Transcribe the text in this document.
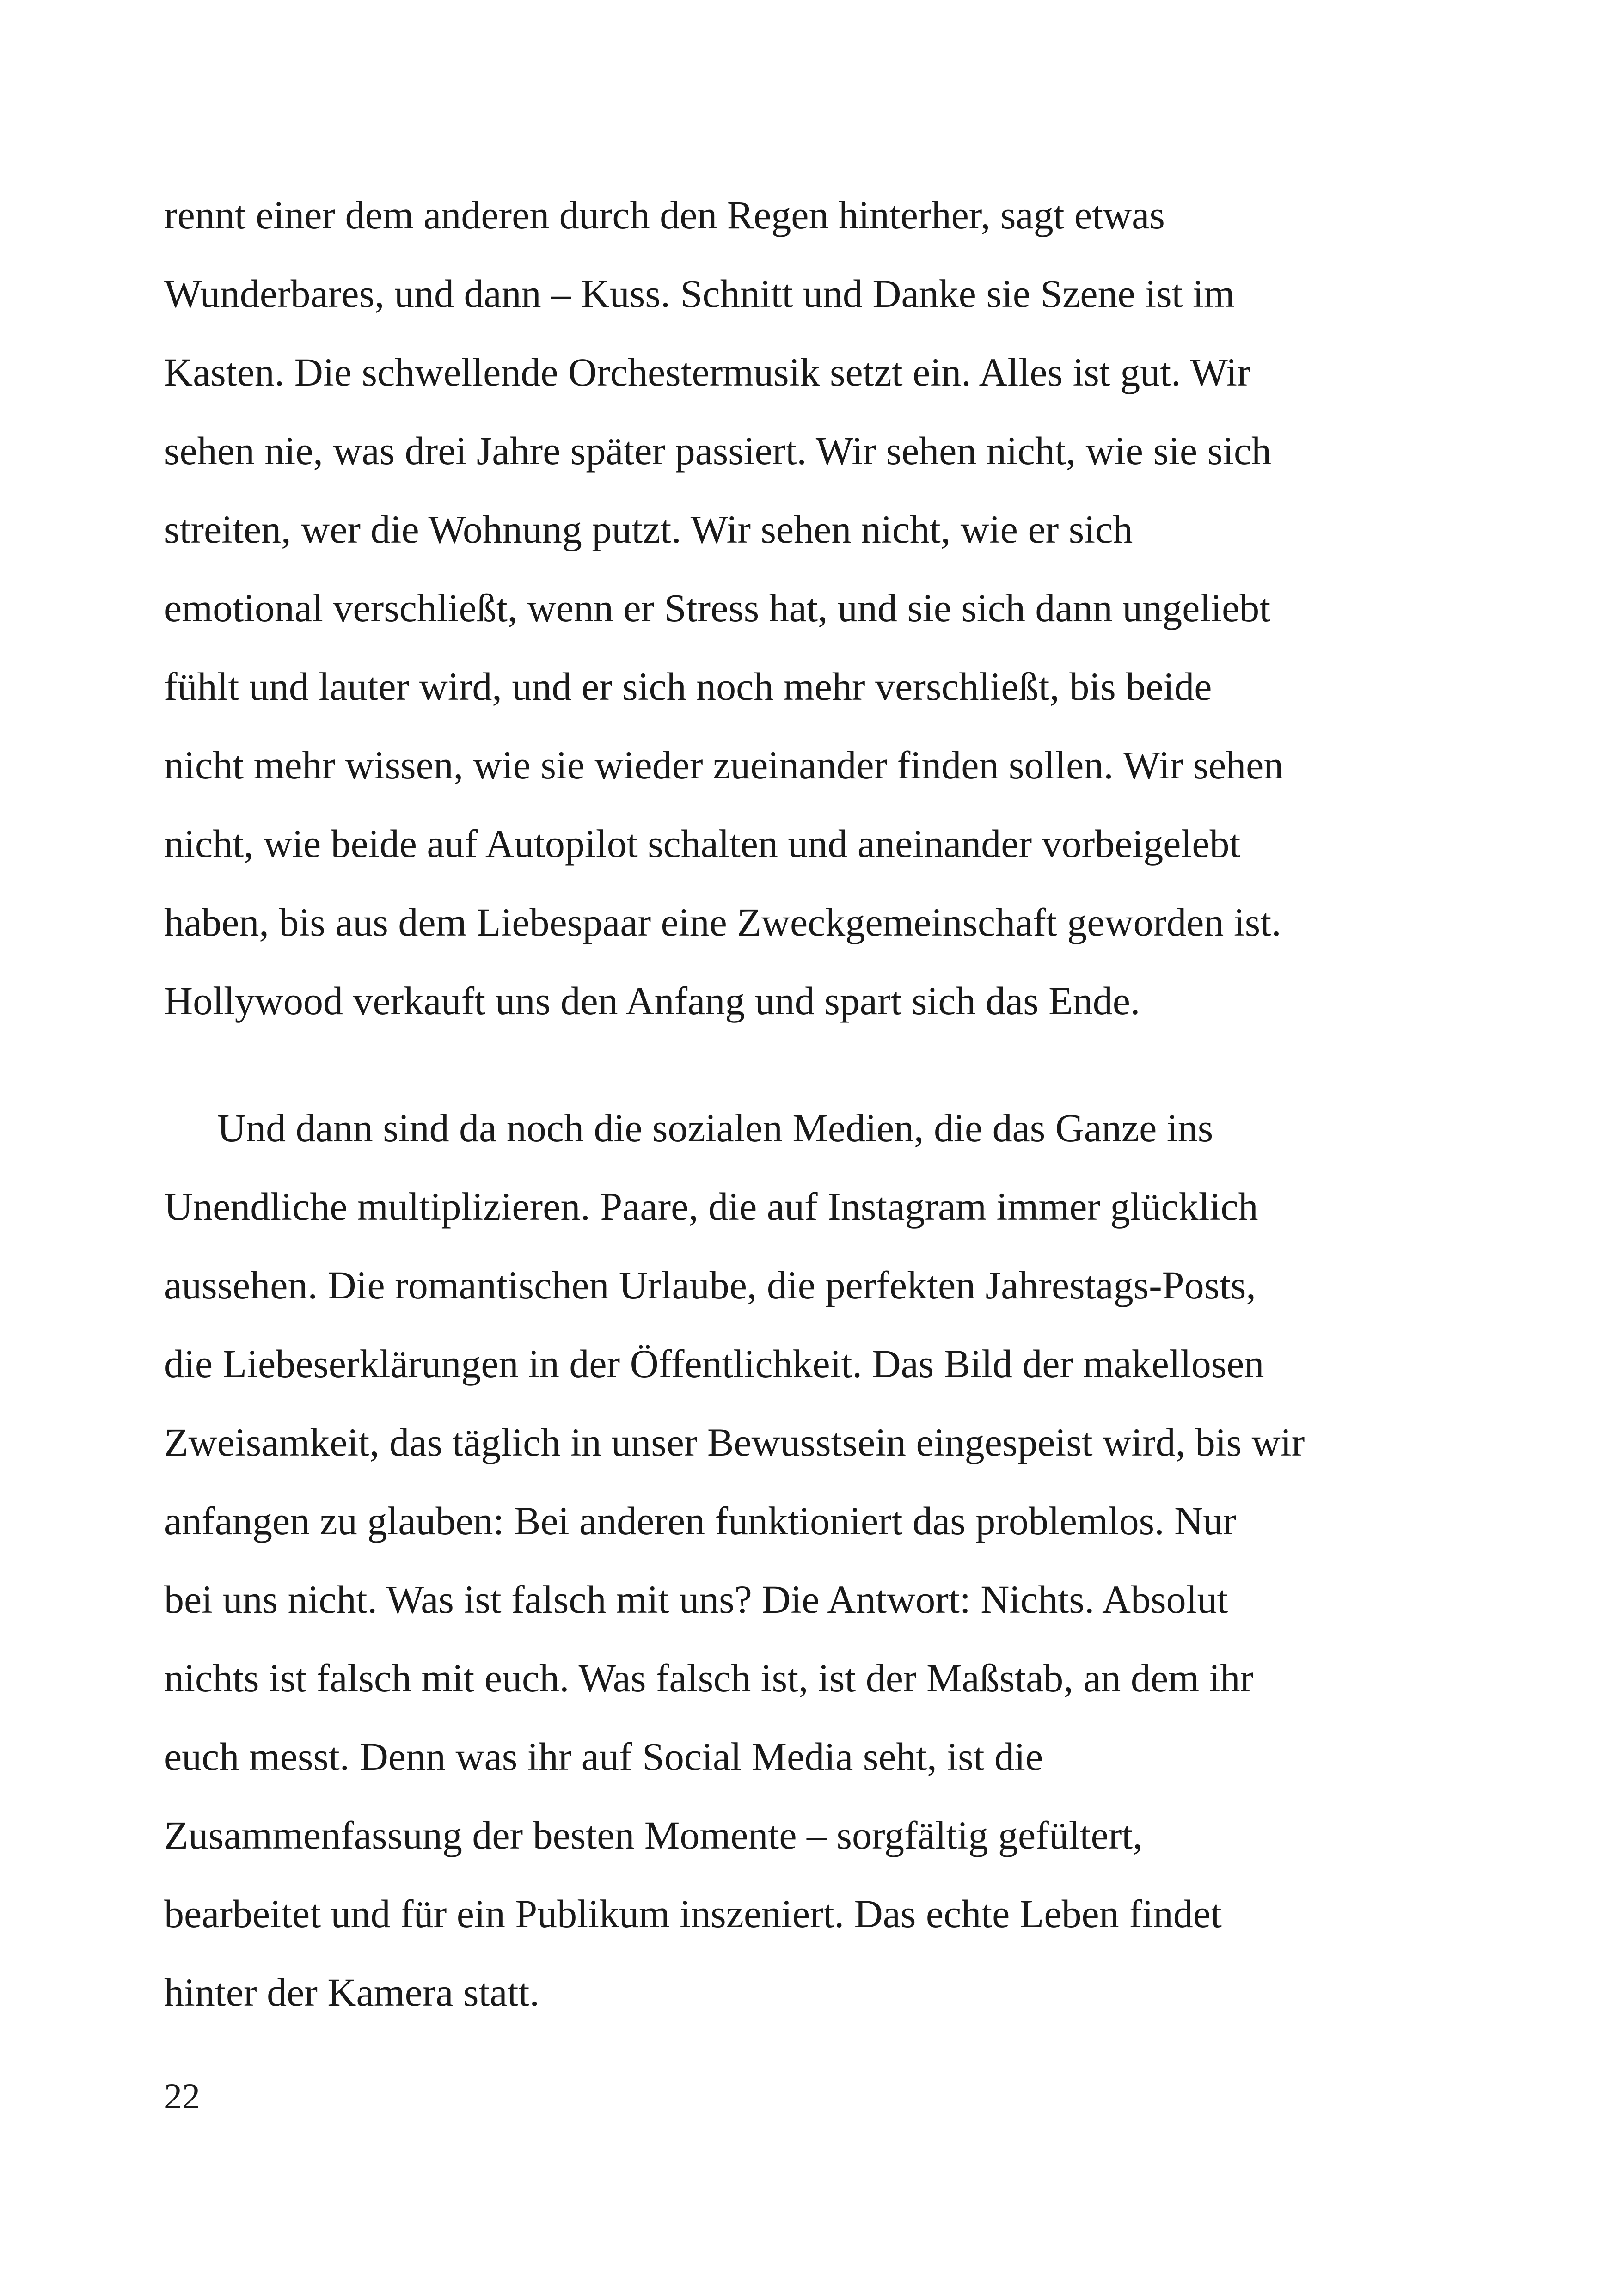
rennt einer dem anderen durch den Regen hinterher, sagt etwas
Wunderbares, und dann – Kuss. Schnitt und Danke sie Szene ist im
Kasten. Die schwellende Orchestermusik setzt ein. Alles ist gut. Wir
sehen nie, was drei Jahre später passiert. Wir sehen nicht, wie sie sich
streiten, wer die Wohnung putzt. Wir sehen nicht, wie er sich
emotional verschließt, wenn er Stress hat, und sie sich dann ungeliebt
fühlt und lauter wird, und er sich noch mehr verschließt, bis beide
nicht mehr wissen, wie sie wieder zueinander finden sollen. Wir sehen
nicht, wie beide auf Autopilot schalten und aneinander vorbeigelebt
haben, bis aus dem Liebespaar eine Zweckgemeinschaft geworden ist.
Hollywood verkauft uns den Anfang und spart sich das Ende.

Und dann sind da noch die sozialen Medien, die das Ganze ins
Unendliche multiplizieren. Paare, die auf Instagram immer glücklich
aussehen. Die romantischen Urlaube, die perfekten Jahrestags-Posts,
die Liebeserklärungen in der Öffentlichkeit. Das Bild der makellosen
Zweisamkeit, das täglich in unser Bewusstsein eingespeist wird, bis wir
anfangen zu glauben: Bei anderen funktioniert das problemlos. Nur
bei uns nicht. Was ist falsch mit uns? Die Antwort: Nichts. Absolut
nichts ist falsch mit euch. Was falsch ist, ist der Maßstab, an dem ihr
euch messt. Denn was ihr auf Social Media seht, ist die
Zusammenfassung der besten Momente – sorgfältig gefültert,
bearbeitet und für ein Publikum inszeniert. Das echte Leben findet
hinter der Kamera statt.

22
